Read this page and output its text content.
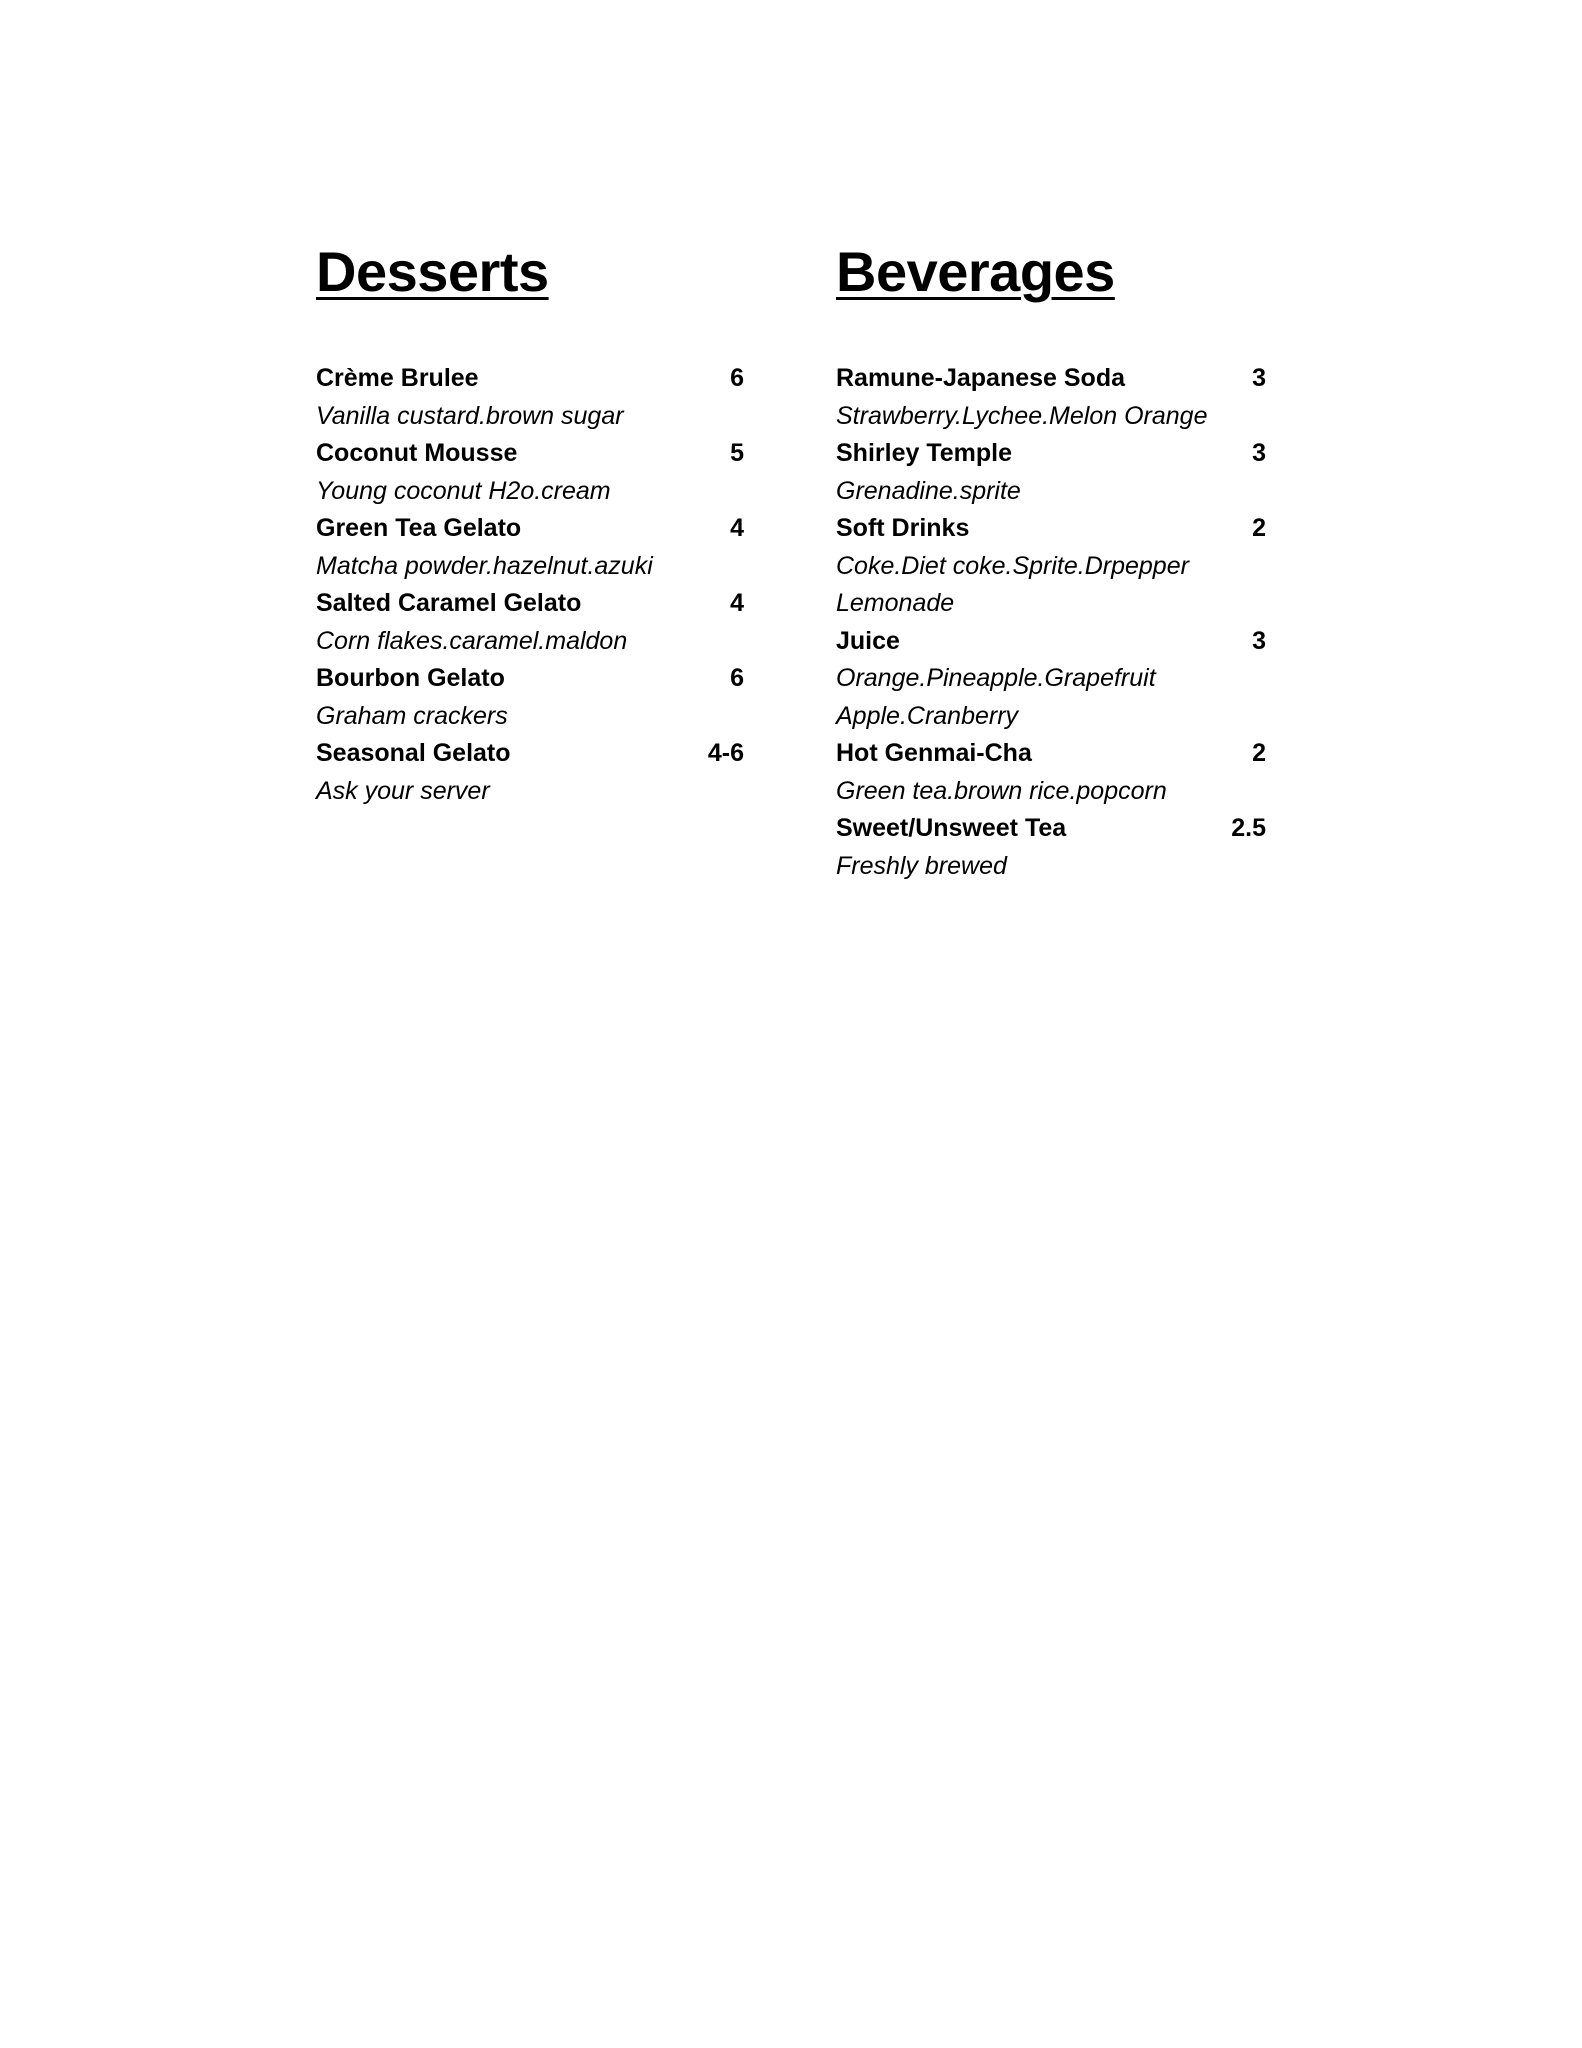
Desserts
Crème Brulee	6
Vanilla custard.brown sugar
Coconut Mousse	5
Young coconut H2o.cream
Green Tea Gelato	4
Matcha powder.hazelnut.azuki
Salted Caramel Gelato	4
Corn flakes.caramel.maldon
Bourbon Gelato	6
Graham crackers
Seasonal Gelato	4-6
Ask your server
Beverages
Ramune-Japanese Soda	3
Strawberry.Lychee.Melon Orange
Shirley Temple	3
Grenadine.sprite
Soft Drinks	2
Coke.Diet coke.Sprite.Drpepper
Lemonade
Juice	3
Orange.Pineapple.Grapefruit
Apple.Cranberry
Hot Genmai-Cha	2
Green tea.brown rice.popcorn
Sweet/Unsweet Tea	2.5
Freshly brewed
